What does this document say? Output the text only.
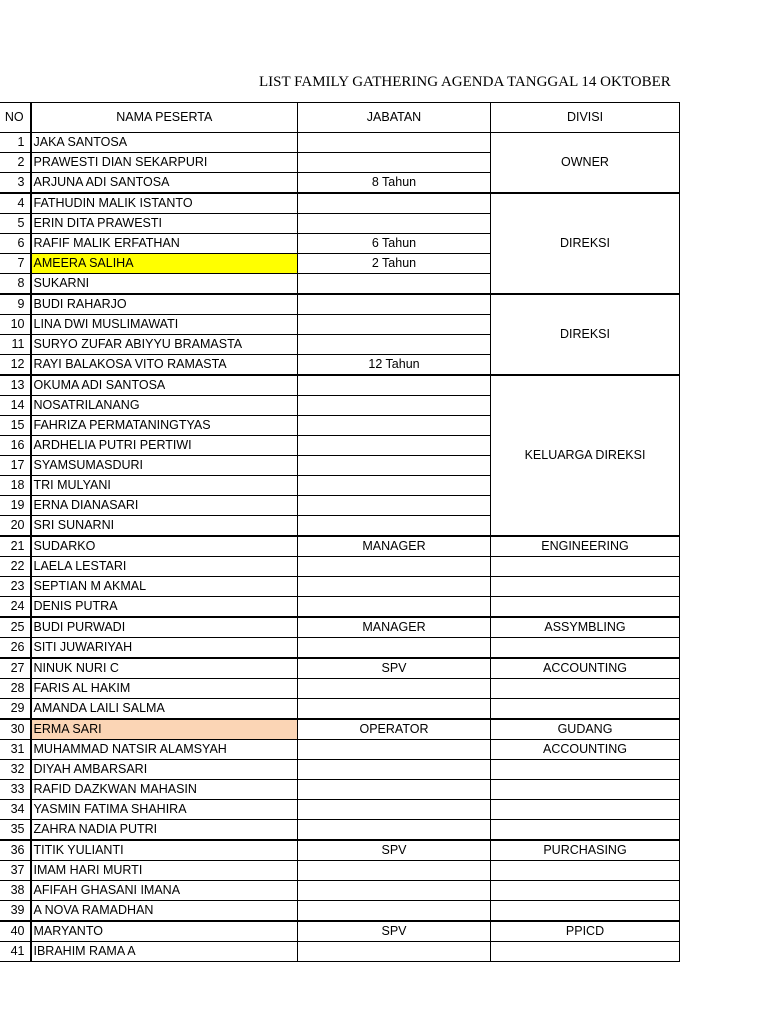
LIST FAMILY GATHERING AGENDA TANGGAL 14 OKTOBER
NO	NAMA PESERTA	JABATAN	DIVISI
1	JAKA SANTOSA		OWNER
2	PRAWESTI DIAN SEKARPURI		
3	ARJUNA ADI SANTOSA	8 Tahun	
4	FATHUDIN MALIK ISTANTO		DIREKSI
5	ERIN DITA PRAWESTI		
6	RAFIF MALIK ERFATHAN	6 Tahun	
7	AMEERA SALIHA	2 Tahun	
8	SUKARNI		
9	BUDI RAHARJO		DIREKSI
10	LINA DWI MUSLIMAWATI		
11	SURYO ZUFAR ABIYYU BRAMASTA		
12	RAYI BALAKOSA VITO RAMASTA	12 Tahun	
13	OKUMA ADI SANTOSA		KELUARGA DIREKSI
14	NOSATRILANANG		
15	FAHRIZA PERMATANINGTYAS		
16	ARDHELIA PUTRI PERTIWI		
17	SYAMSUMASDURI		
18	TRI MULYANI		
19	ERNA DIANASARI		
20	SRI SUNARNI		
21	SUDARKO	MANAGER	ENGINEERING
22	LAELA LESTARI		
23	SEPTIAN M AKMAL		
24	DENIS PUTRA		
25	BUDI PURWADI	MANAGER	ASSYMBLING
26	SITI JUWARIYAH		
27	NINUK NURI C	SPV	ACCOUNTING
28	FARIS AL HAKIM		
29	AMANDA LAILI SALMA		
30	ERMA SARI	OPERATOR	GUDANG
31	MUHAMMAD NATSIR ALAMSYAH		ACCOUNTING
32	DIYAH AMBARSARI		
33	RAFID DAZKWAN MAHASIN		
34	YASMIN FATIMA SHAHIRA		
35	ZAHRA NADIA PUTRI		
36	TITIK YULIANTI	SPV	PURCHASING
37	IMAM HARI MURTI		
38	AFIFAH GHASANI IMANA		
39	A NOVA RAMADHAN		
40	MARYANTO	SPV	PPICD
41	IBRAHIM RAMA A		
